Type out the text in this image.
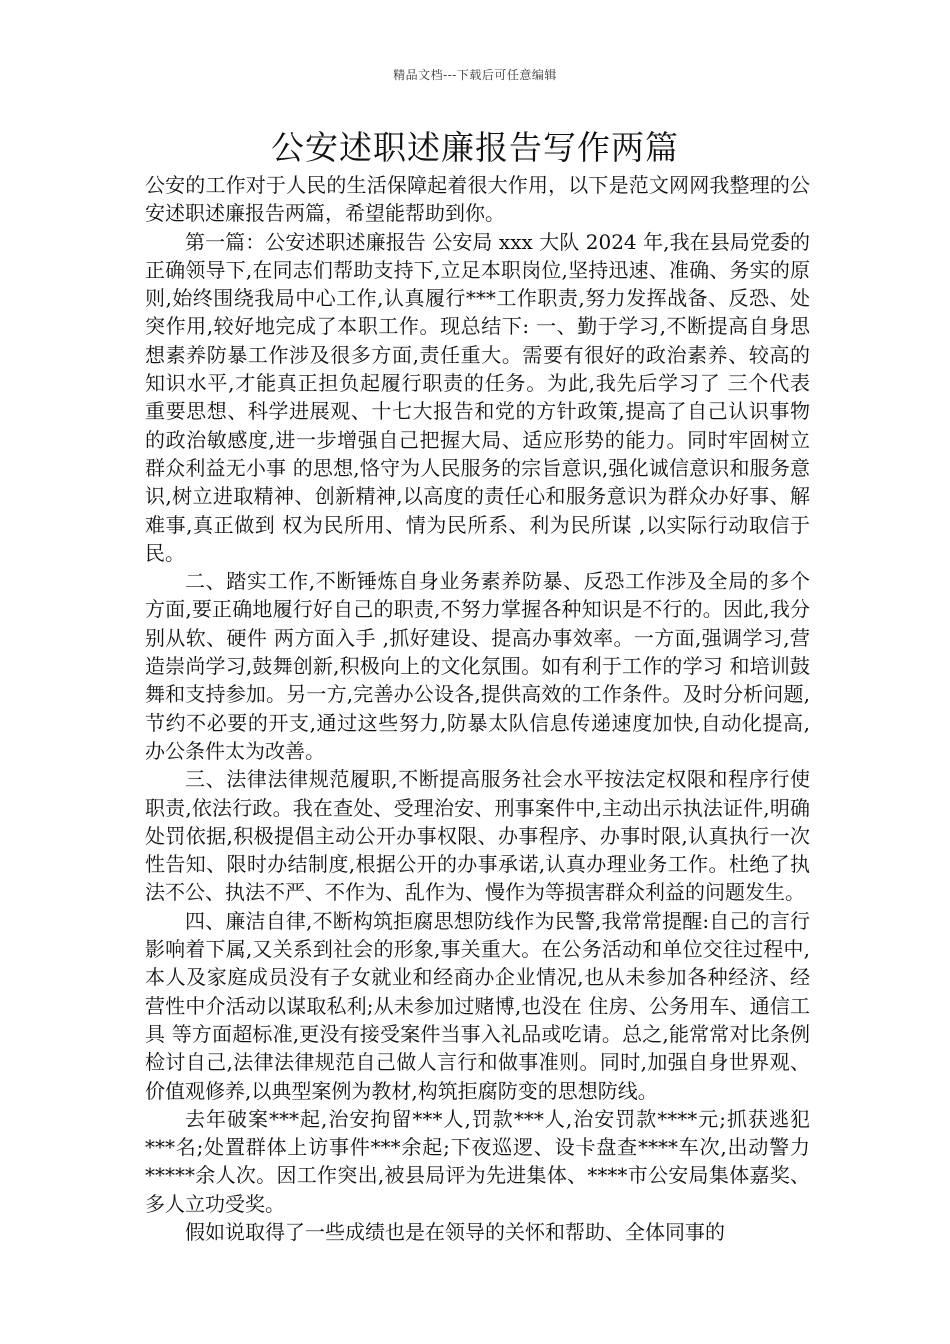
精品文档---下载后可任意编辑
公安述职述廉报告写作两篇

公安的工作对于人民的生活保障起着很大作用，以下是范文网网我整理的公安述职述廉报告两篇，希望能帮助到你。

第一篇：公安述职述廉报告 公安局 xxx 大队 2024 年,我在县局党委的正确领导下,在同志们帮助支持下,立足本职岗位,坚持迅速、准确、务实的原则,始终围绕我局中心工作,认真履行***工作职责,努力发挥战备、反恐、处突作用,较好地完成了本职工作。现总结下: 一、勤于学习,不断提高自身思想素养防暴工作涉及很多方面,责任重大。需要有很好的政治素养、较高的知识水平,才能真正担负起履行职责的任务。为此,我先后学习了 三个代表 重要思想、科学进展观、十七大报告和党的方针政策,提高了自己认识事物的政治敏感度,进一步增强自己把握大局、适应形势的能力。同时牢固树立 群众利益无小事 的思想,恪守为人民服务的宗旨意识,强化诚信意识和服务意识,树立进取精神、创新精神,以高度的责任心和服务意识为群众办好事、解难事,真正做到 权为民所用、情为民所系、利为民所谋 ,以实际行动取信于民。

二、踏实工作,不断锤炼自身业务素养防暴、反恐工作涉及全局的多个方面,要正确地履行好自己的职责,不努力掌握各种知识是不行的。因此,我分别从软、硬件 两方面入手 ,抓好建设、提高办事效率。一方面,强调学习,营造崇尚学习,鼓舞创新,积极向上的文化氛围。如有利于工作的学习 和培训鼓舞和支持参加。另一方,完善办公设各,提供高效的工作条件。及时分析问题,节约不必要的开支,通过这些努力,防暴太队信息传递速度加快,自动化提高,办公条件太为改善。

三、法律法律规范履职,不断提高服务社会水平按法定权限和程序行使职责,依法行政。我在查处、受理治安、刑事案件中,主动出示执法证件,明确处罚依据,积极提倡主动公开办事权限、办事程序、办事时限,认真执行一次性告知、限时办结制度,根据公开的办事承诺,认真办理业务工作。杜绝了执法不公、执法不严、不作为、乱作为、慢作为等损害群众利益的问题发生。

四、廉洁自律,不断构筑拒腐思想防线作为民警,我常常提醒:自己的言行影响着下属,又关系到社会的形象,事关重大。在公务活动和单位交往过程中,本人及家庭成员没有子女就业和经商办企业情况,也从未参加各种经济、经营性中介活动以谋取私利;从未参加过赌博,也没在 住房、公务用车、通信工具 等方面超标准,更没有接受案件当事入礼品或吃请。总之,能常常对比条例检讨自己,法律法律规范自己做人言行和做事准则。同时,加强自身世界观、价值观修养,以典型案例为教材,构筑拒腐防变的思想防线。

去年破案***起,治安拘留***人,罚款***人,治安罚款****元;抓获逃犯***名;处置群体上访事件***余起;下夜巡逻、设卡盘查****车次,出动警力*****余人次。因工作突出,被县局评为先进集体、****市公安局集体嘉奖、多人立功受奖。

假如说取得了一些成绩也是在领导的关怀和帮助、全体同事的
